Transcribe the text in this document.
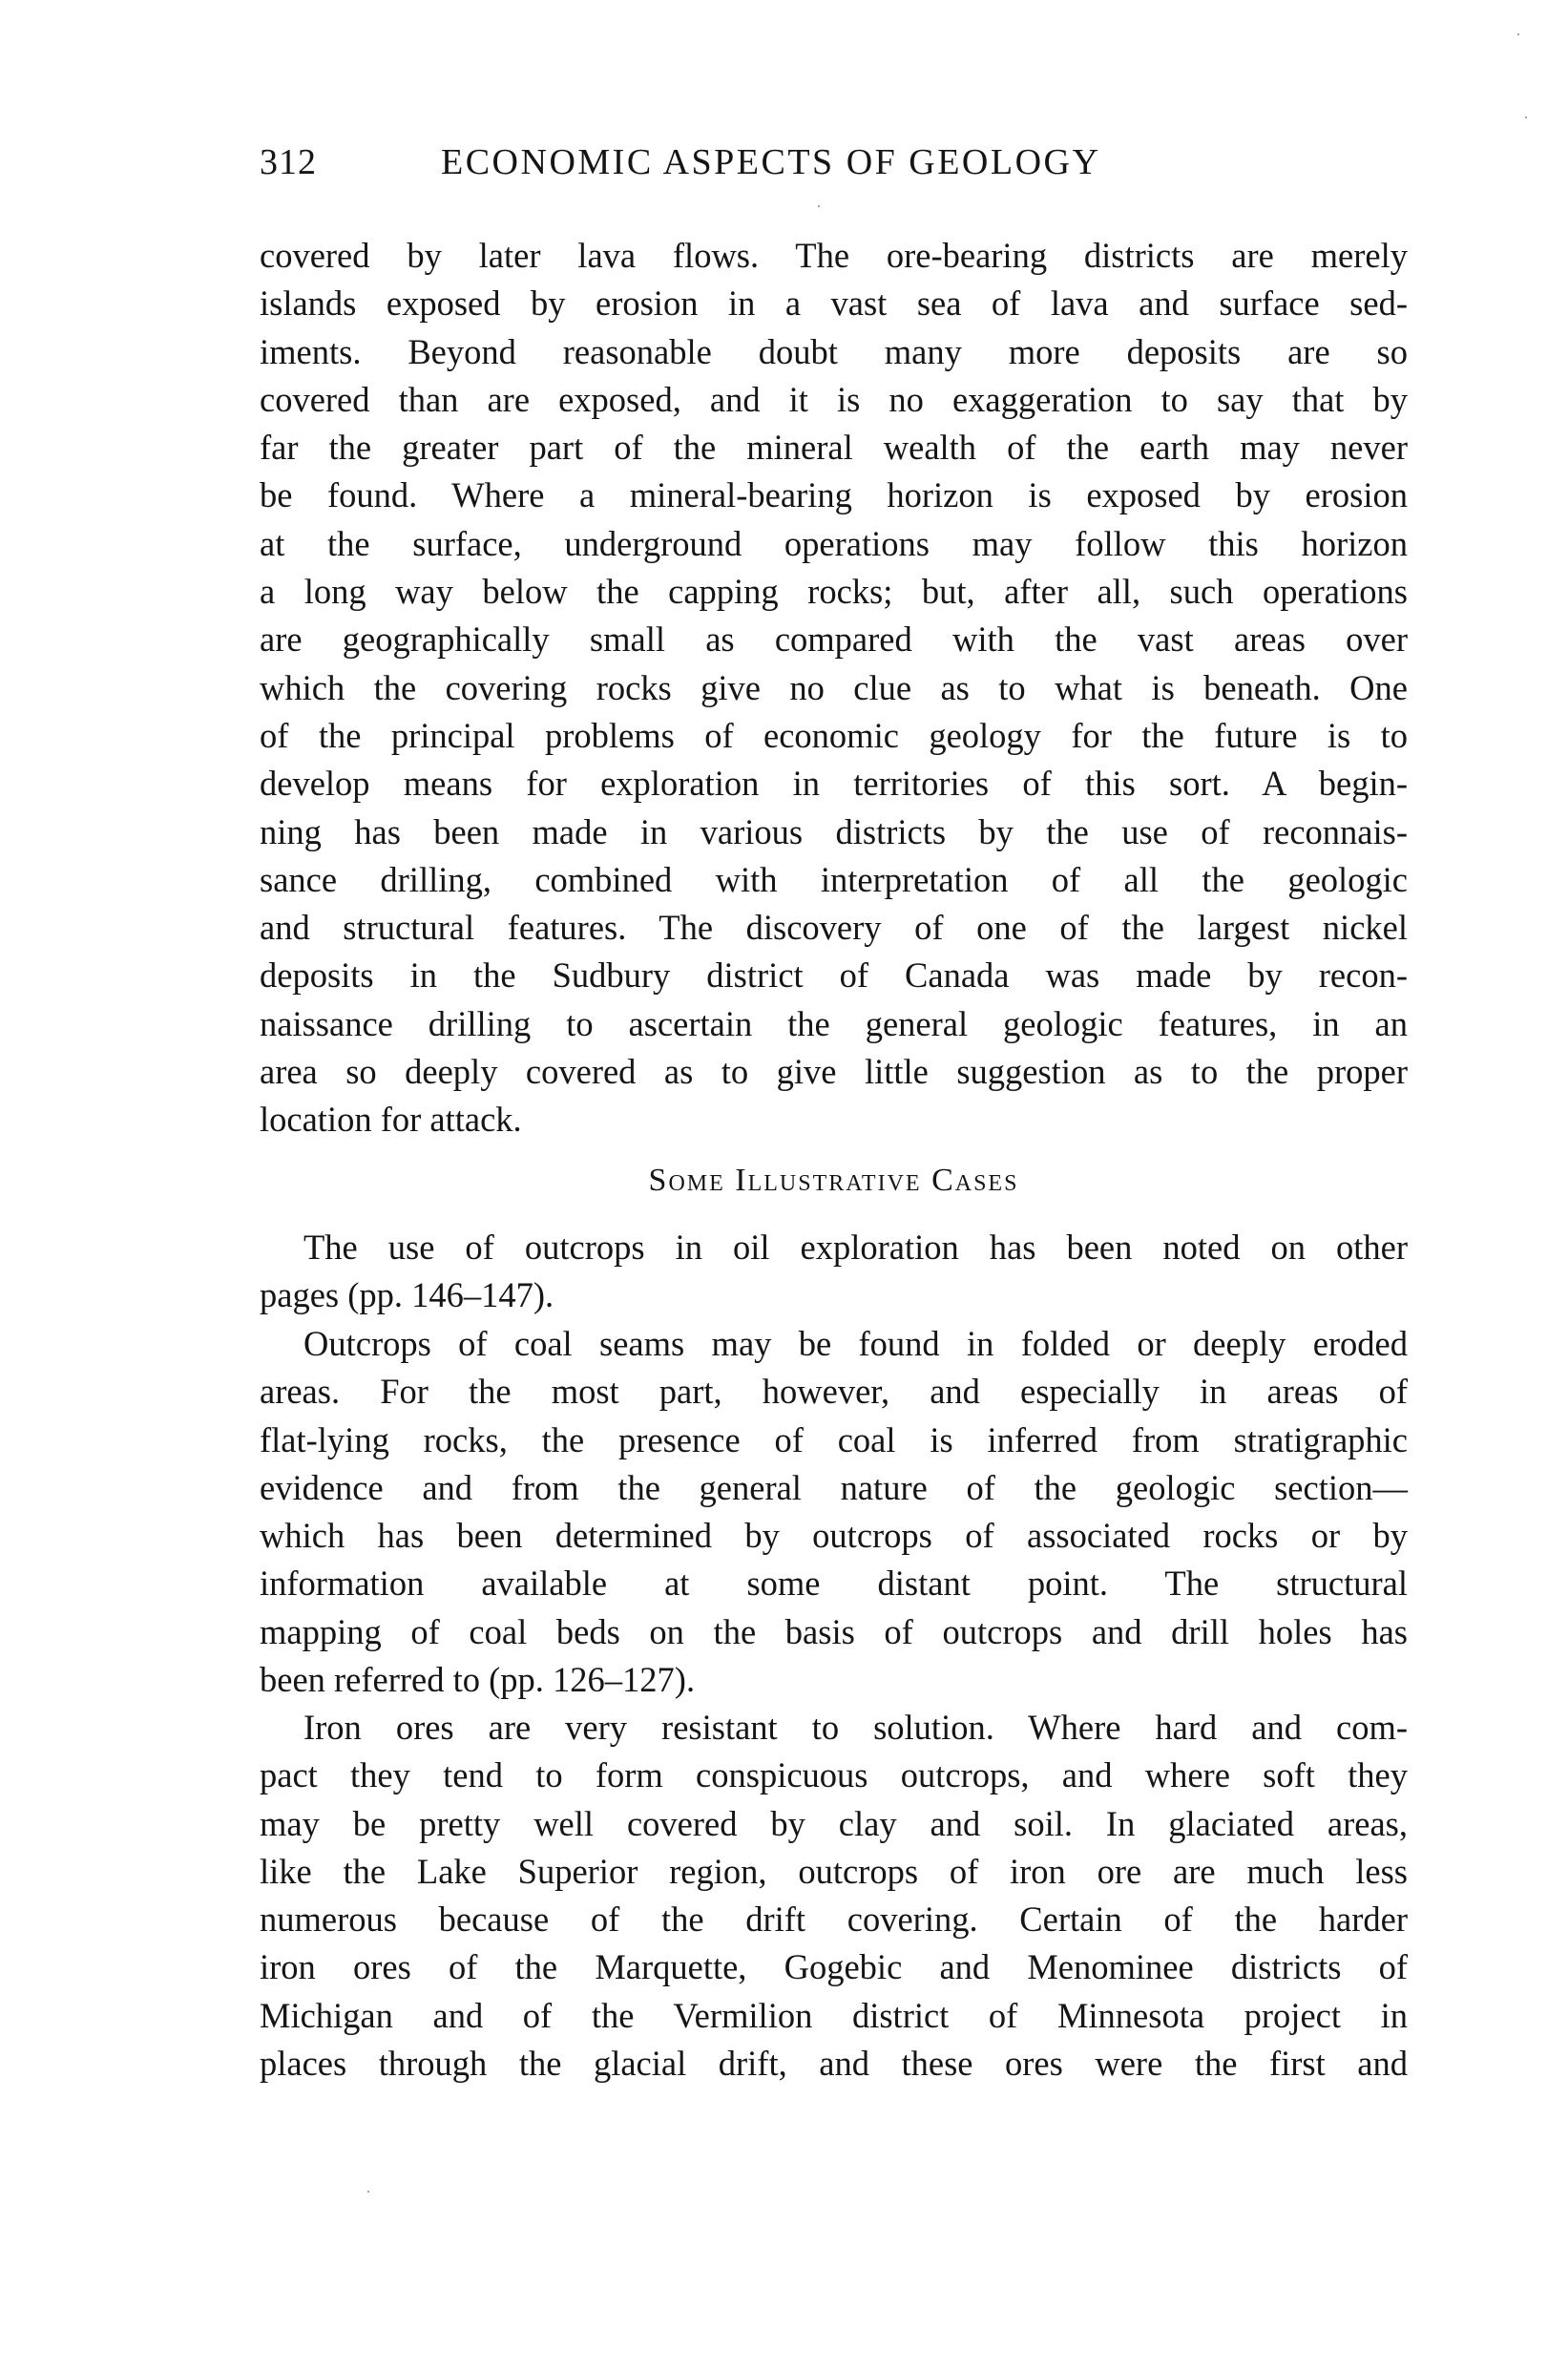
312	ECONOMIC ASPECTS OF GEOLOGY
covered by later lava flows. The ore-bearing districts are merely
islands exposed by erosion in a vast sea of lava and surface sed-
iments. Beyond reasonable doubt many more deposits are so
covered than are exposed, and it is no exaggeration to say that by
far the greater part of the mineral wealth of the earth may never
be found. Where a mineral-bearing horizon is exposed by erosion
at the surface, underground operations may follow this horizon
a long way below the capping rocks; but, after all, such operations
are geographically small as compared with the vast areas over
which the covering rocks give no clue as to what is beneath. One
of the principal problems of economic geology for the future is to
develop means for exploration in territories of this sort. A begin-
ning has been made in various districts by the use of reconnais-
sance drilling, combined with interpretation of all the geologic
and structural features. The discovery of one of the largest nickel
deposits in the Sudbury district of Canada was made by recon-
naissance drilling to ascertain the general geologic features, in an
area so deeply covered as to give little suggestion as to the proper
location for attack.
Some Illustrative Cases
The use of outcrops in oil exploration has been noted on other
pages (pp. 146–147).
Outcrops of coal seams may be found in folded or deeply eroded
areas. For the most part, however, and especially in areas of
flat-lying rocks, the presence of coal is inferred from stratigraphic
evidence and from the general nature of the geologic section—
which has been determined by outcrops of associated rocks or by
information available at some distant point. The structural
mapping of coal beds on the basis of outcrops and drill holes has
been referred to (pp. 126–127).
Iron ores are very resistant to solution. Where hard and com-
pact they tend to form conspicuous outcrops, and where soft they
may be pretty well covered by clay and soil. In glaciated areas,
like the Lake Superior region, outcrops of iron ore are much less
numerous because of the drift covering. Certain of the harder
iron ores of the Marquette, Gogebic and Menominee districts of
Michigan and of the Vermilion district of Minnesota project in
places through the glacial drift, and these ores were the first and
